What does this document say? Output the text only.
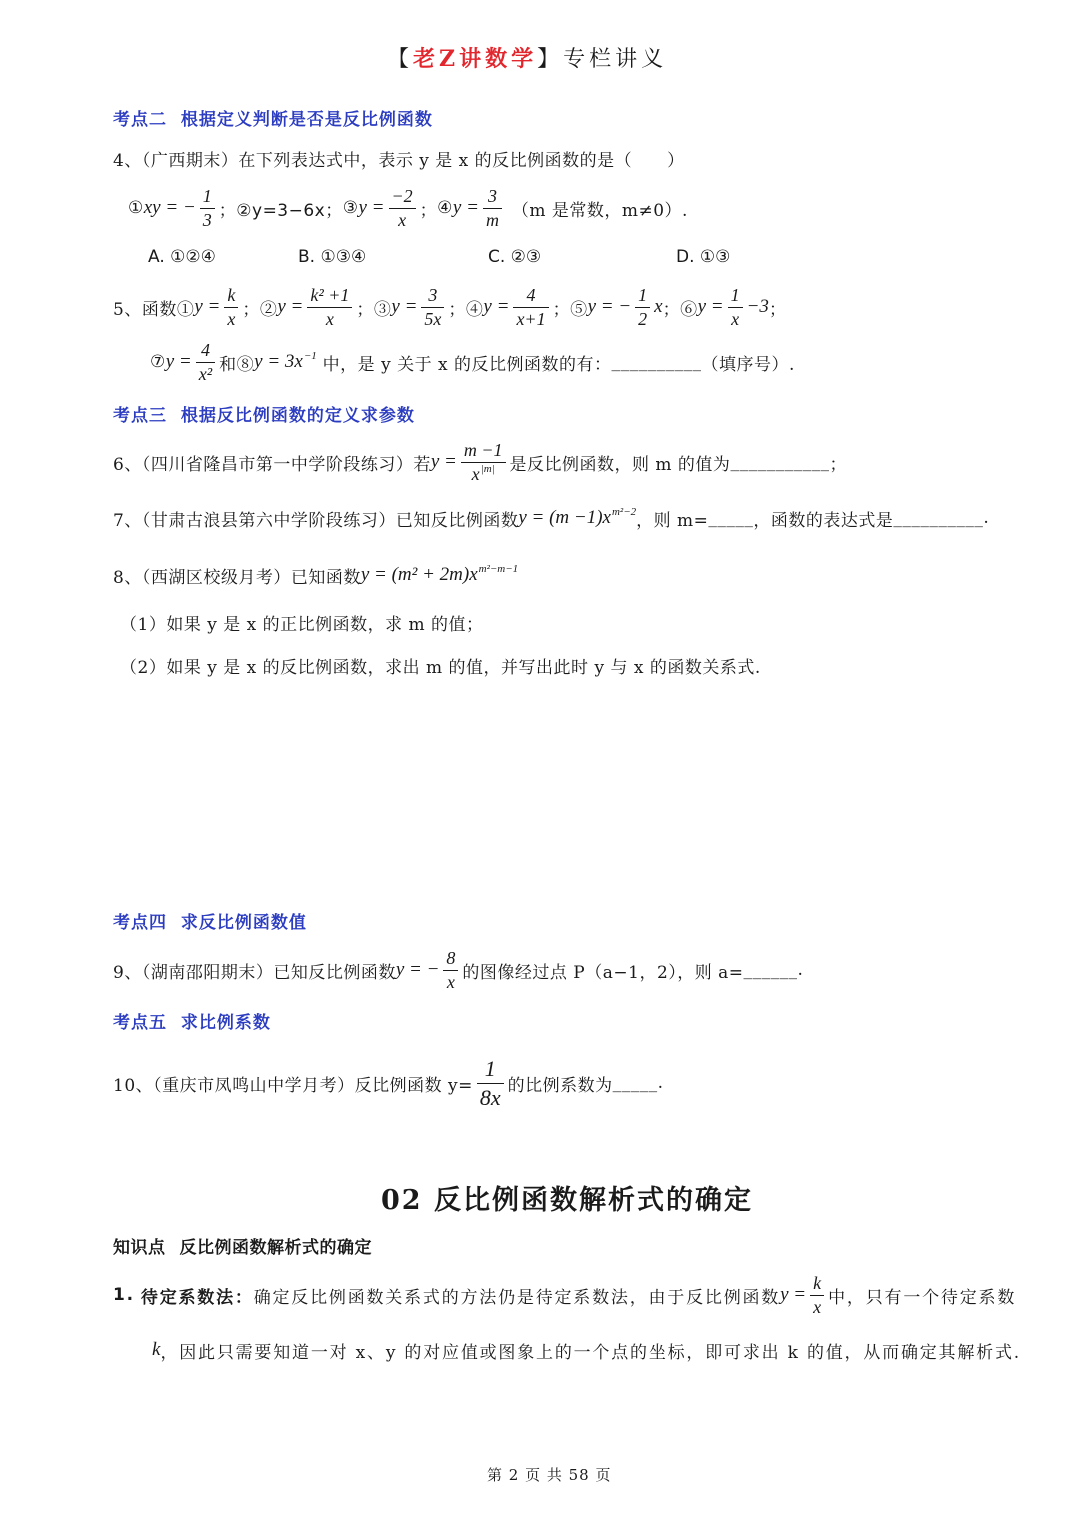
【 老Z讲数学 】 专栏讲义
考点二  根据定义判断是否是反比例函数
4、（广西期末）在下列表达式中，表示 y 是 x 的反比例函数的是（　　）
① xy = − $\frac{1}{3}$ ； ②y=3−6x； ③ $y = \frac{-2}{x}$ ； ④ $y = \frac{3}{m} (m$ 是常数，m≠0）.
A. ①②④	B. ①③④	C. ②③	D. ①③
5、函数① $y = \frac{k}{x}$ ；② $y = \frac{\text{k² +1}}{x}$ ；③ $y = \frac{3}{5x}$ ；④ $y = \frac{4}{x+1}$ ；⑤ y = − $\frac{1}{2}$ x ；⑥ $y = \frac{1}{x} -3$ ；
⑦ $y = \frac{4}{\text{x²}}$ 和⑧ $y = 3x^{-1}$ 中，是 y 关于 x 的反比例函数的有： __________ （填序号）.
考点三  根据反比例函数的定义求参数
6、（四川省隆昌市第一中学阶段练习）若 $y = \frac{m -1}{x^{|m|}}$ 是反比例函数，则 m 的值为 ___________ ；
7、（甘肃古浪县第六中学阶段练习）已知反比例函数 $y = (m -1)x^{m^2-2}$ ，则 m= _____ ，函数的表达式是 __________ .
8、（西湖区校级月考）已知函数 $y = (m^2 + 2m)x^{m^2-m-1}$
（1）如果 y 是 x 的正比例函数，求 m 的值；
（2）如果 y 是 x 的反比例函数，求出 m 的值，并写出此时 y 与 x 的函数关系式.
考点四  求反比例函数值
9、（湖南邵阳期末）已知反比例函数 y = − $\frac{8}{x}$ 的图像经过点 P（a−1，2），则 a= ______ .
考点五  求比例系数
10、（重庆市凤鸣山中学月考）反比例函数 $y= \frac{1}{8x}$ 的比例系数为 _____ .
02 反比例函数解析式的确定
知识点 反比例函数解析式的确定
1. 待定系数法： 确定反比例函数关系式的方法仍是待定系数法，由于反比例函数 $y = \frac{k}{x}$ 中，只有一个待定系数
k ，因此只需要知道一对 x、y 的对应值或图象上的一个点的坐标，即可求出 k 的值，从而确定其解析式.
第 2 页 共 58 页
